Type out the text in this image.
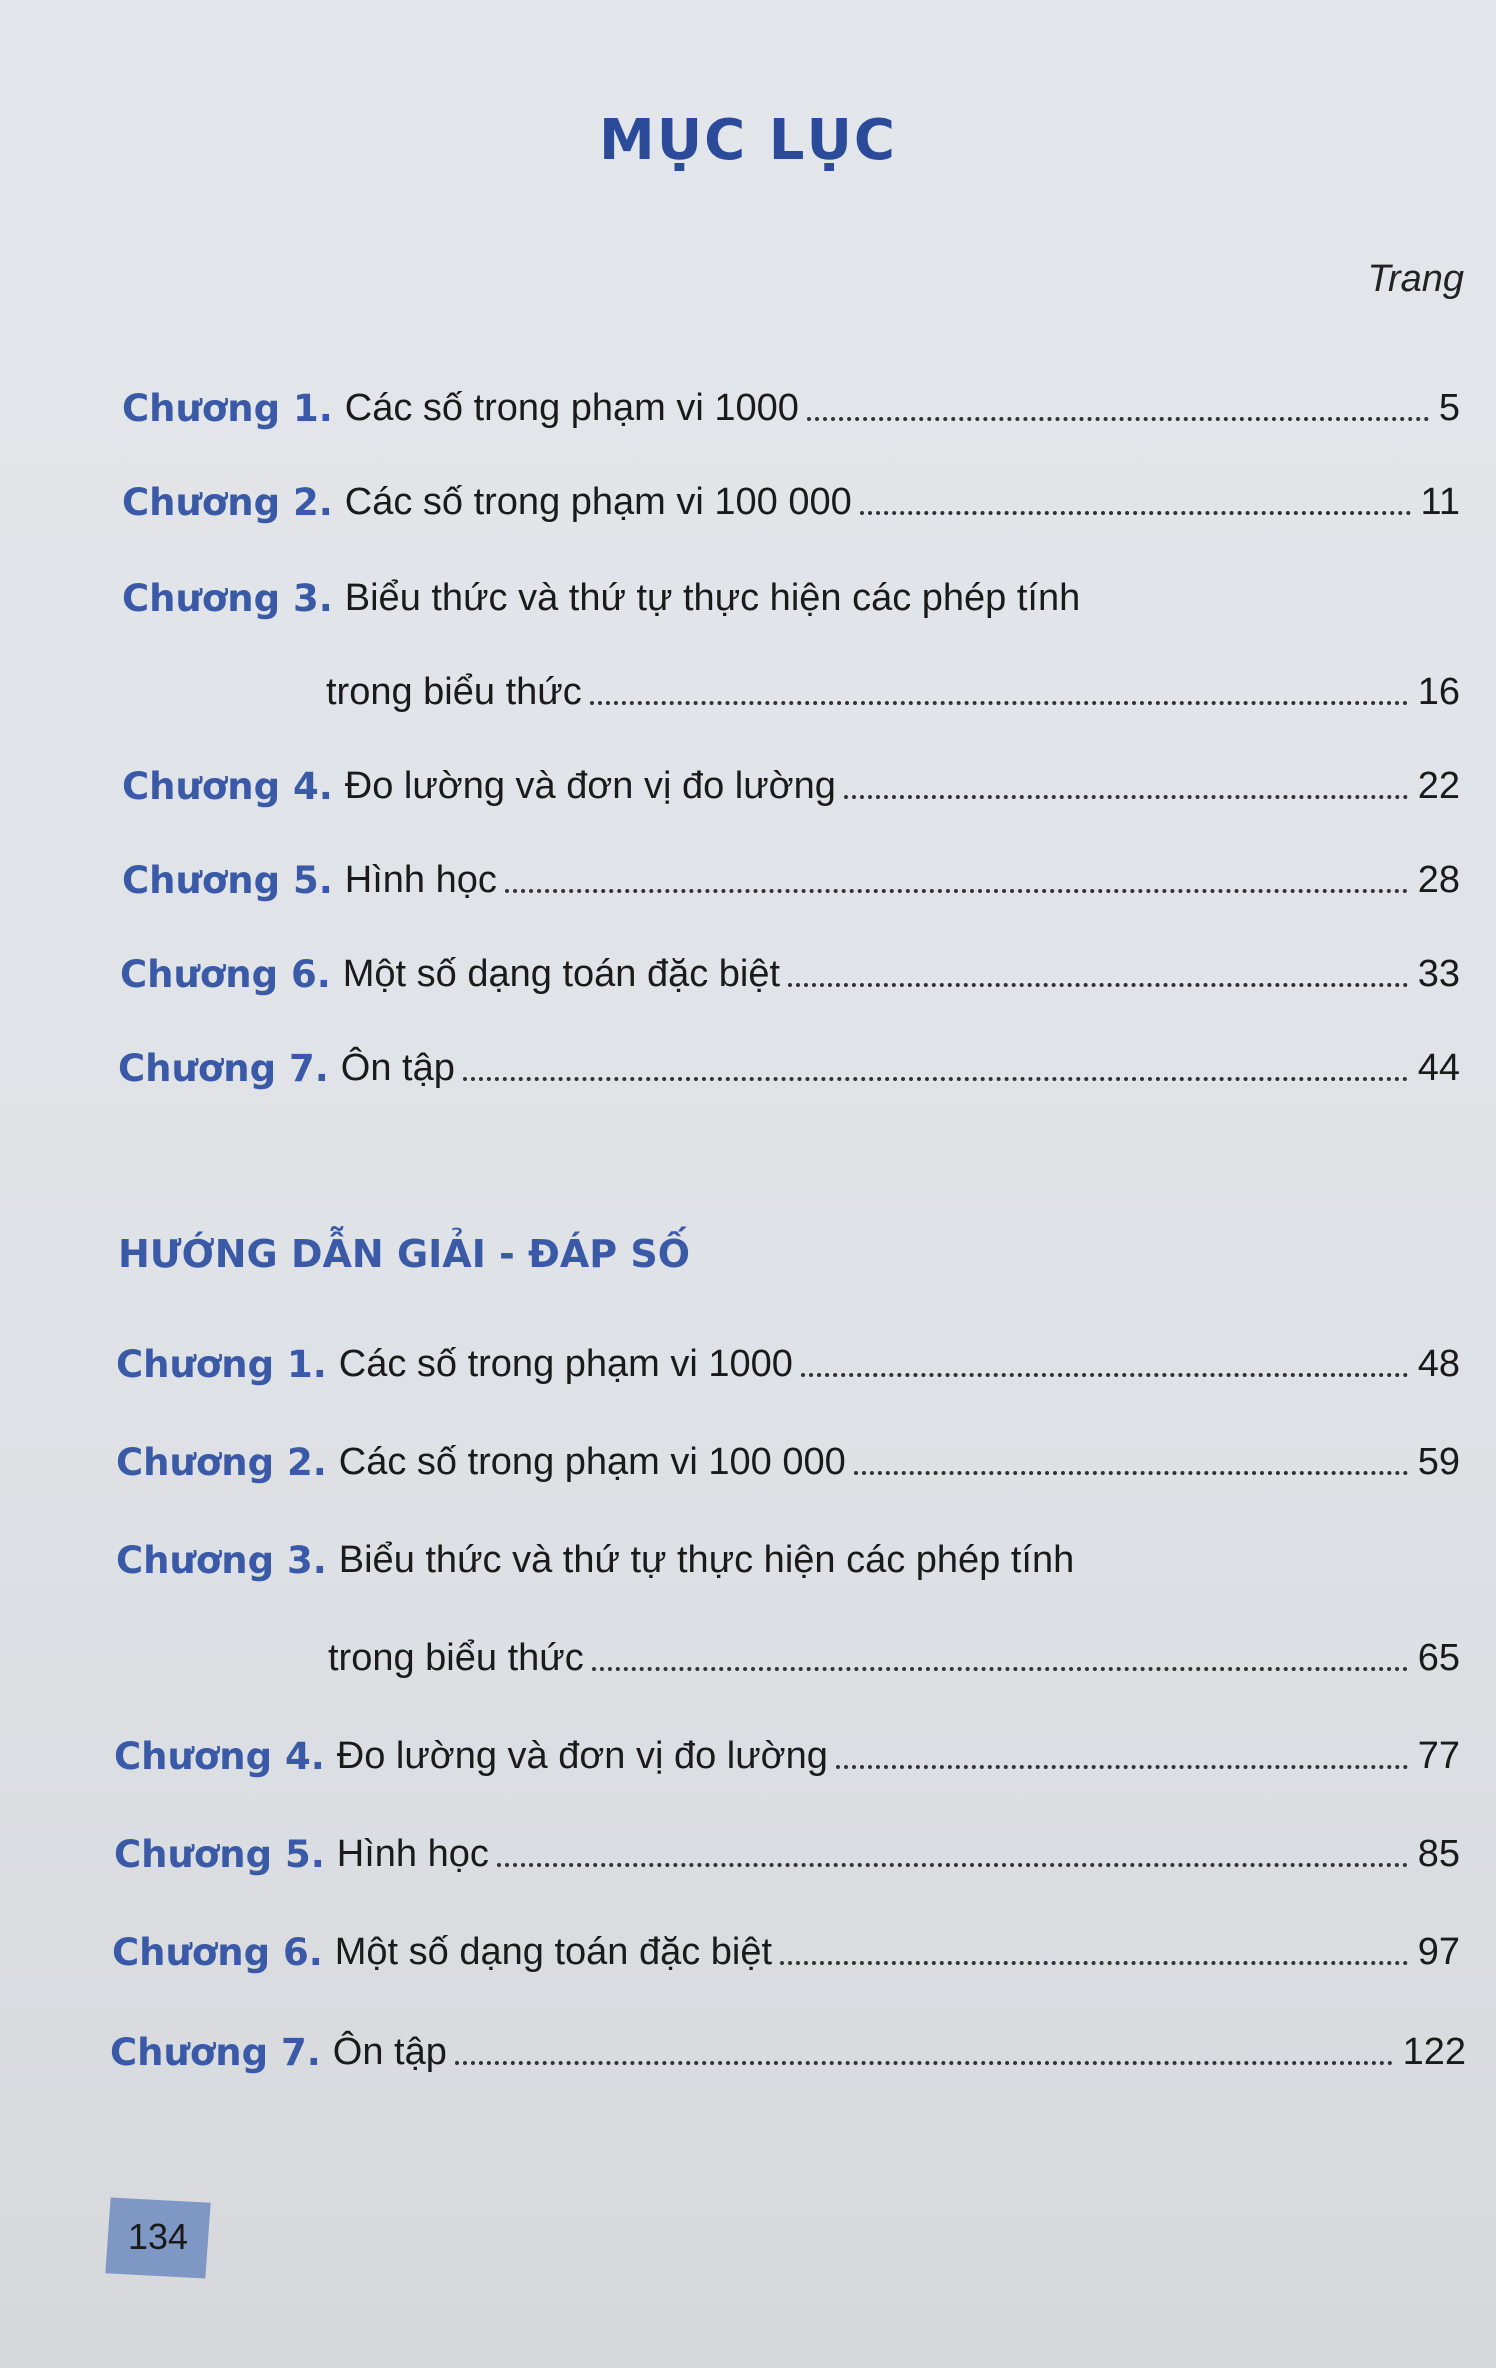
MỤC LỤC
Trang
Chương 1. Các số trong phạm vi 1000	5
Chương 2. Các số trong phạm vi 100 000	11
Chương 3. Biểu thức và thứ tự thực hiện các phép tính
trong biểu thức	16
Chương 4. Đo lường và đơn vị đo lường	22
Chương 5. Hình học	28
Chương 6. Một số dạng toán đặc biệt	33
Chương 7. Ôn tập	44
HƯỚNG DẪN GIẢI - ĐÁP SỐ
Chương 1. Các số trong phạm vi 1000	48
Chương 2. Các số trong phạm vi 100 000	59
Chương 3. Biểu thức và thứ tự thực hiện các phép tính
trong biểu thức	65
Chương 4. Đo lường và đơn vị đo lường	77
Chương 5. Hình học	85
Chương 6. Một số dạng toán đặc biệt	97
Chương 7. Ôn tập	122
134
